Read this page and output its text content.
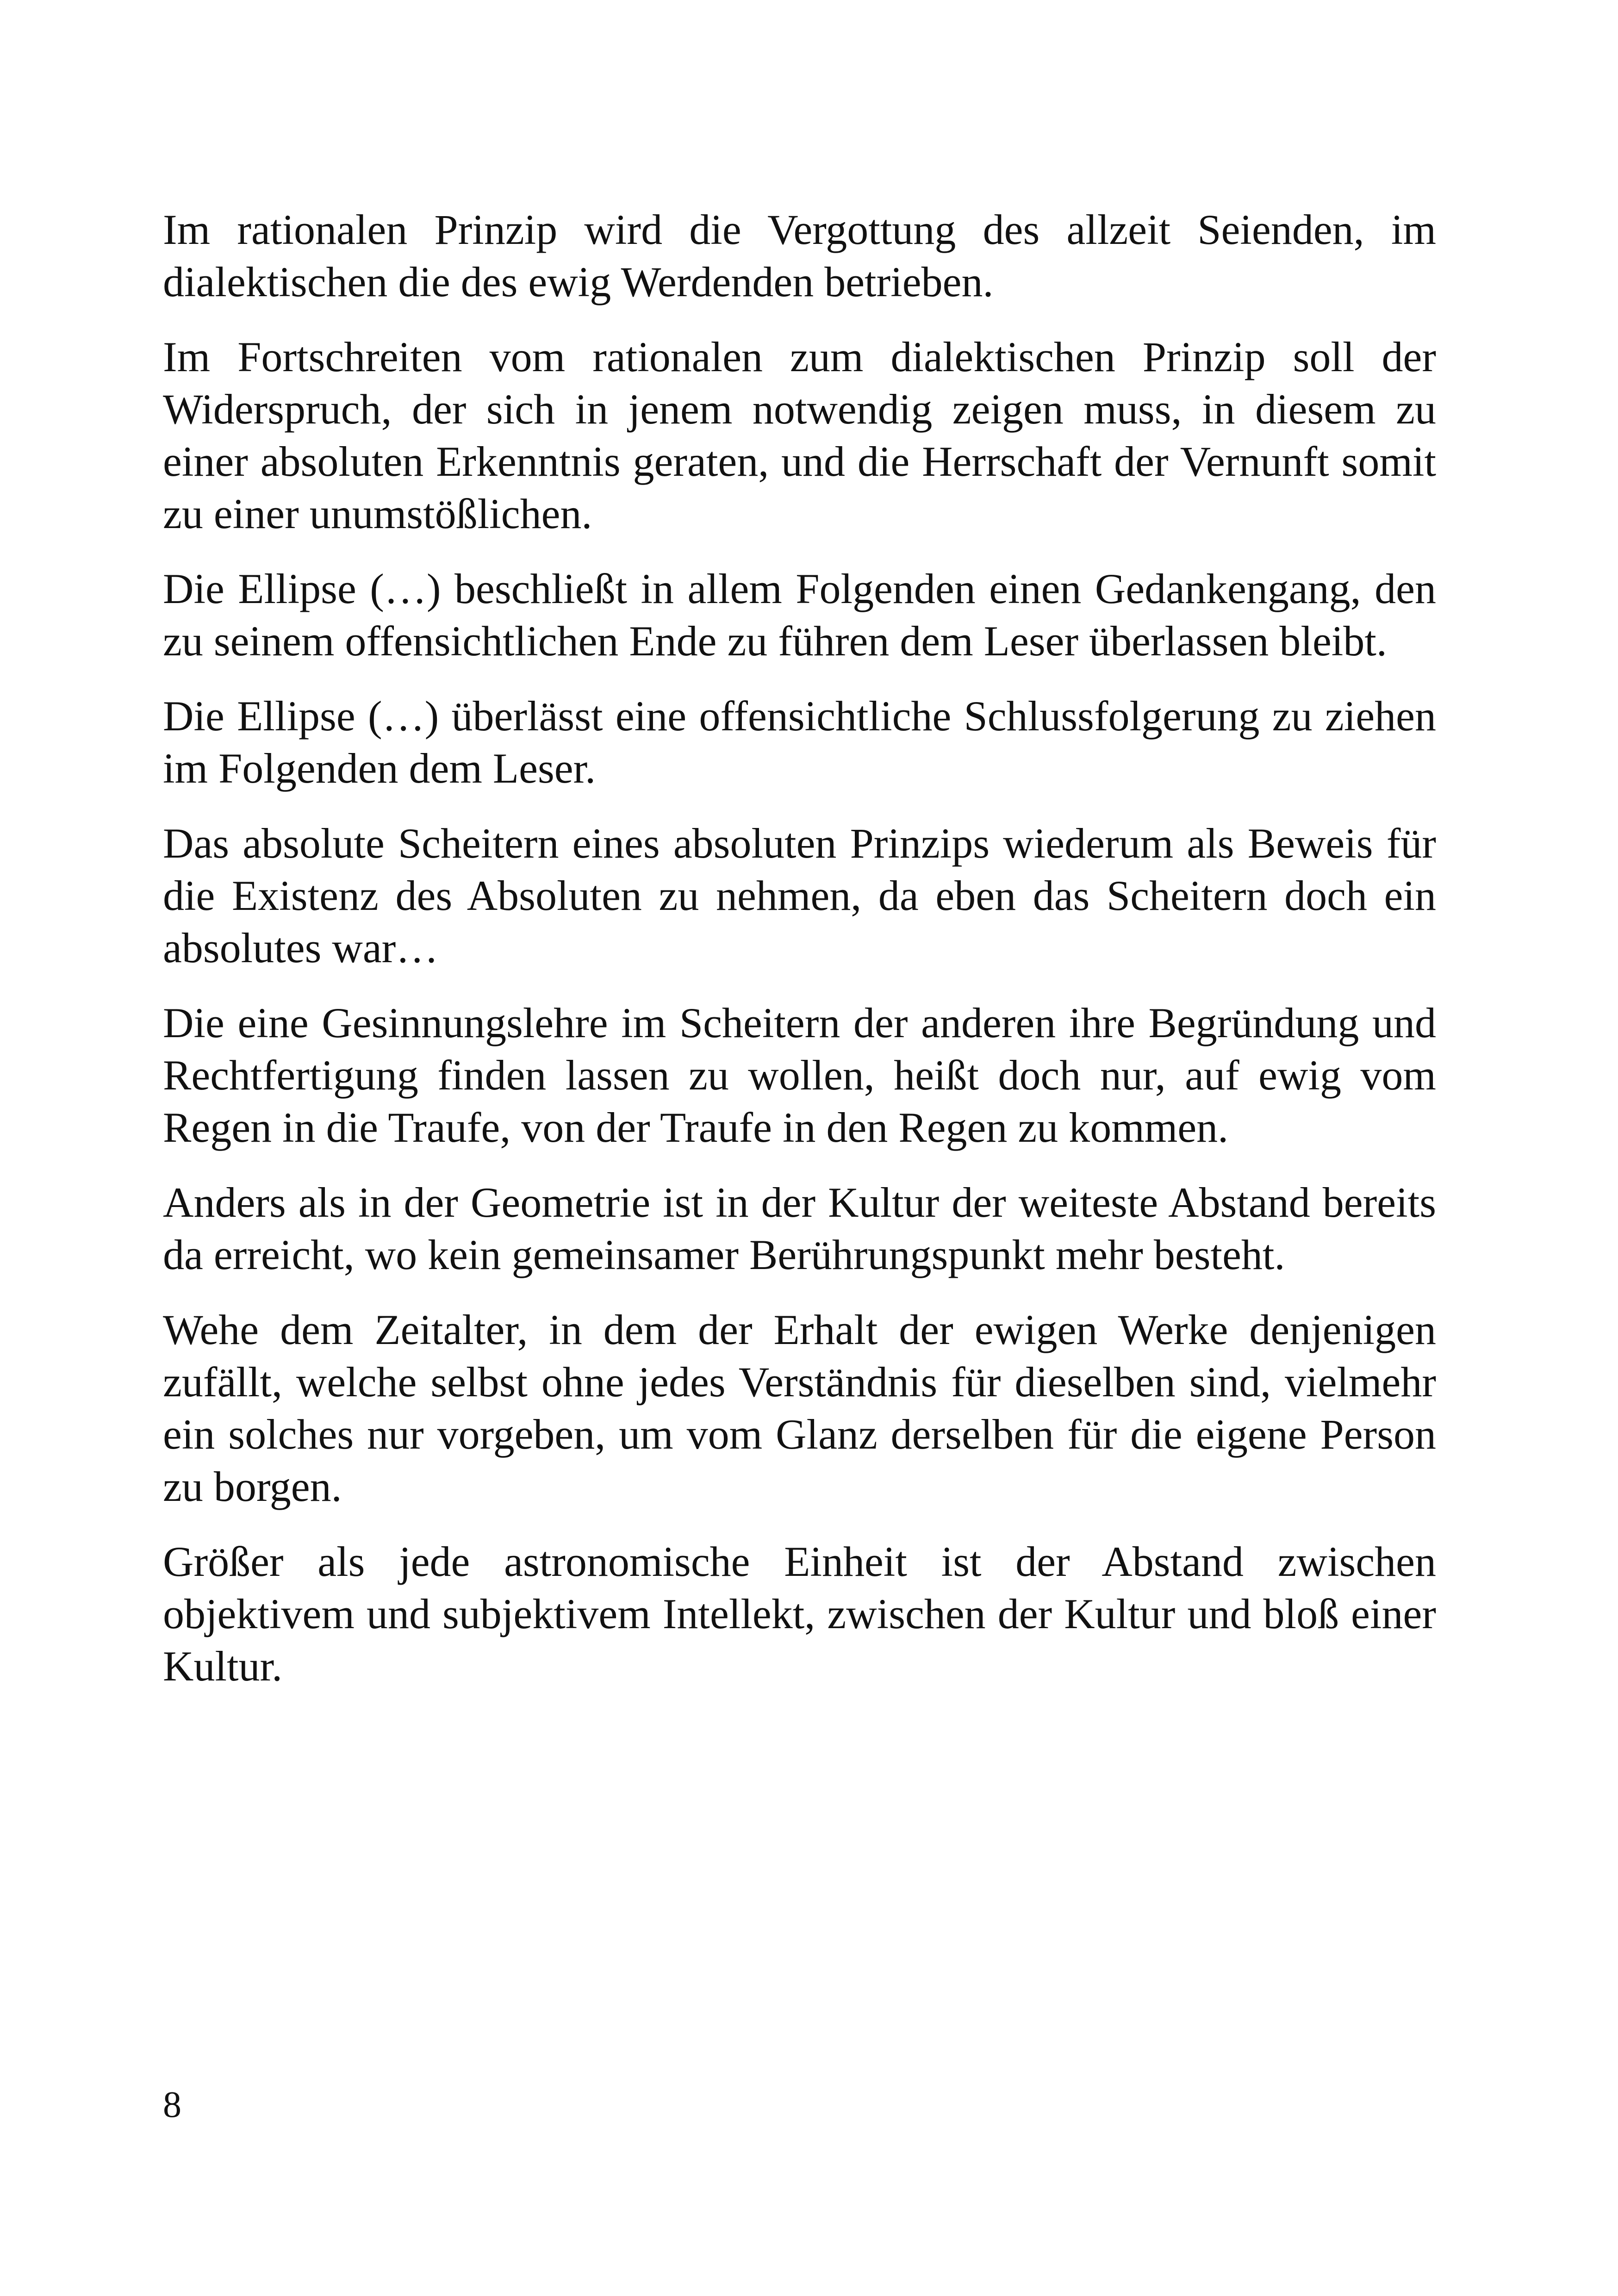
Im rationalen Prinzip wird die Vergottung des allzeit Seienden, im dialektischen die des ewig Werdenden betrieben.

Im Fortschreiten vom rationalen zum dialektischen Prinzip soll der Widerspruch, der sich in jenem notwendig zeigen muss, in diesem zu einer absoluten Erkenntnis geraten, und die Herrschaft der Vernunft somit zu einer unumstößlichen.

Die Ellipse (…) beschließt in allem Folgenden einen Gedankengang, den zu seinem offensichtlichen Ende zu führen dem Leser überlassen bleibt.

Die Ellipse (…) überlässt eine offensichtliche Schlussfolgerung zu ziehen im Folgenden dem Leser.

Das absolute Scheitern eines absoluten Prinzips wiederum als Beweis für die Existenz des Absoluten zu nehmen, da eben das Scheitern doch ein absolutes war…

Die eine Gesinnungslehre im Scheitern der anderen ihre Begründung und Rechtfertigung finden lassen zu wollen, heißt doch nur, auf ewig vom Regen in die Traufe, von der Traufe in den Regen zu kommen.

Anders als in der Geometrie ist in der Kultur der weiteste Abstand bereits da erreicht, wo kein gemeinsamer Berührungspunkt mehr besteht.

Wehe dem Zeitalter, in dem der Erhalt der ewigen Werke denjenigen zufällt, welche selbst ohne jedes Verständnis für dieselben sind, vielmehr ein solches nur vorgeben, um vom Glanz derselben für die eigene Person zu borgen.

Größer als jede astronomische Einheit ist der Abstand zwischen objektivem und subjektivem Intellekt, zwischen der Kultur und bloß einer Kultur.

8
